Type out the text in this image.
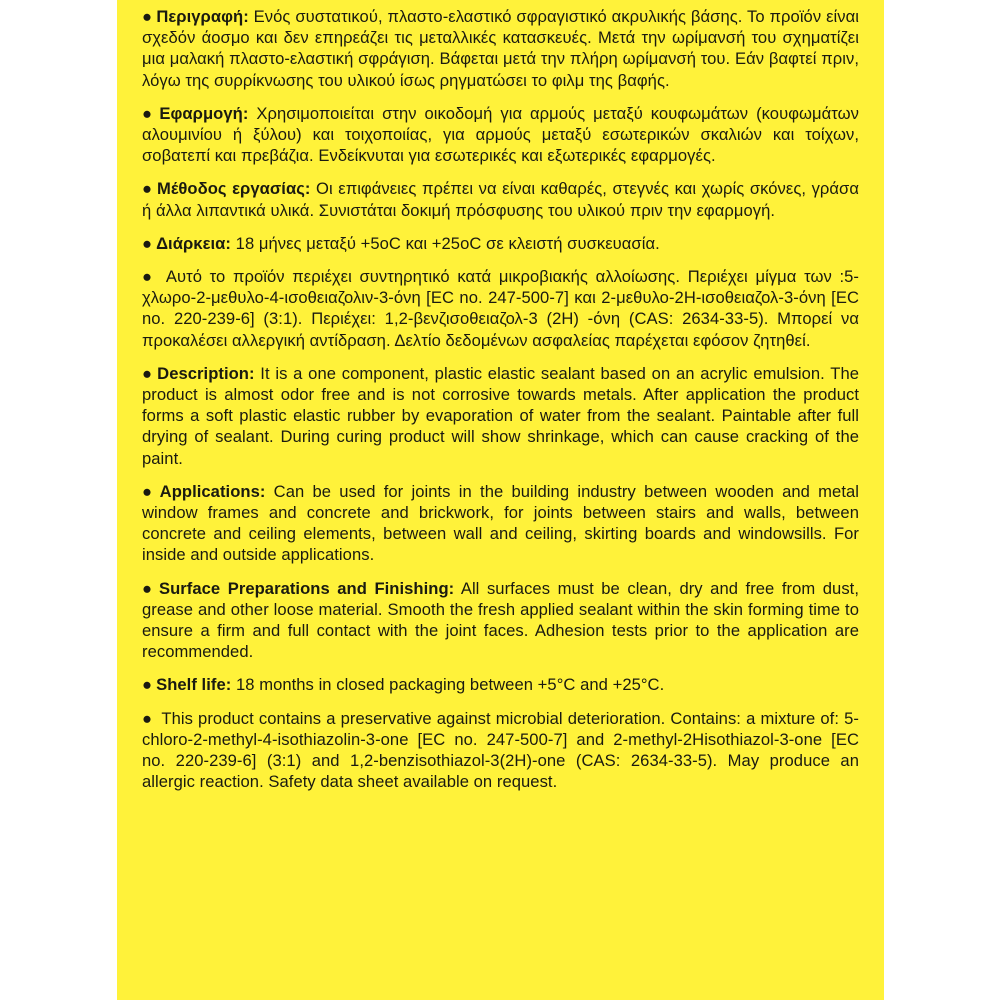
● Περιγραφή: Ενός συστατικού, πλαστο-ελαστικό σφραγιστικό ακρυλικής βάσης. Το προϊόν είναι σχεδόν άοσμο και δεν επηρεάζει τις μεταλλικές κατασκευές. Μετά την ωρίμανσή του σχηματίζει μια μαλακή πλαστο-ελαστική σφράγιση. Βάφεται μετά την πλήρη ωρίμανσή του. Εάν βαφτεί πριν, λόγω της συρρίκνωσης του υλικού ίσως ρηγματώσει το φιλμ της βαφής.

● Εφαρμογή: Χρησιμοποιείται στην οικοδομή για αρμούς μεταξύ κουφωμάτων (κουφωμάτων αλουμινίου ή ξύλου) και τοιχοποιίας, για αρμούς μεταξύ εσωτερικών σκαλιών και τοίχων, σοβατεπί και πρεβάζια. Ενδείκνυται για εσωτερικές και εξωτερικές εφαρμογές.

● Μέθοδος εργασίας: Οι επιφάνειες πρέπει να είναι καθαρές, στεγνές και χωρίς σκόνες, γράσα ή άλλα λιπαντικά υλικά. Συνιστάται δοκιμή πρόσφυσης του υλικού πριν την εφαρμογή.

● Διάρκεια: 18 μήνες μεταξύ +5oC και +25oC σε κλειστή συσκευασία.

● Αυτό το προϊόν περιέχει συντηρητικό κατά μικροβιακής αλλοίωσης. Περιέχει μίγμα των :5-χλωρο-2-μεθυλο-4-ισοθειαζολιν-3-όνη [EC no. 247-500-7] και 2-μεθυλο-2Η-ισοθειαζολ-3-όνη [EC no. 220-239-6] (3:1). Περιέχει: 1,2-βενζισοθειαζολ-3 (2H) -όνη (CAS: 2634-33-5). Μπορεί να προκαλέσει αλλεργική αντίδραση. Δελτίο δεδομένων ασφαλείας παρέχεται εφόσον ζητηθεί.

● Description: It is a one component, plastic elastic sealant based on an acrylic emulsion. The product is almost odor free and is not corrosive towards metals. After application the product forms a soft plastic elastic rubber by evaporation of water from the sealant. Paintable after full drying of sealant. During curing product will show shrinkage, which can cause cracking of the paint.

● Applications: Can be used for joints in the building industry between wooden and metal window frames and concrete and brickwork, for joints between stairs and walls, between concrete and ceiling elements, between wall and ceiling, skirting boards and windowsills. For inside and outside applications.

● Surface Preparations and Finishing: All surfaces must be clean, dry and free from dust, grease and other loose material. Smooth the fresh applied sealant within the skin forming time to ensure a firm and full contact with the joint faces. Adhesion tests prior to the application are recommended.

● Shelf life: 18 months in closed packaging between +5°C and +25°C.

● This product contains a preservative against microbial deterioration. Contains: a mixture of: 5-chloro-2-methyl-4-isothiazolin-3-one [EC no. 247-500-7] and 2-methyl-2Hisothiazol-3-one [EC no. 220-239-6] (3:1) and 1,2-benzisothiazol-3(2H)-one (CAS: 2634-33-5). May produce an allergic reaction. Safety data sheet available on request.
